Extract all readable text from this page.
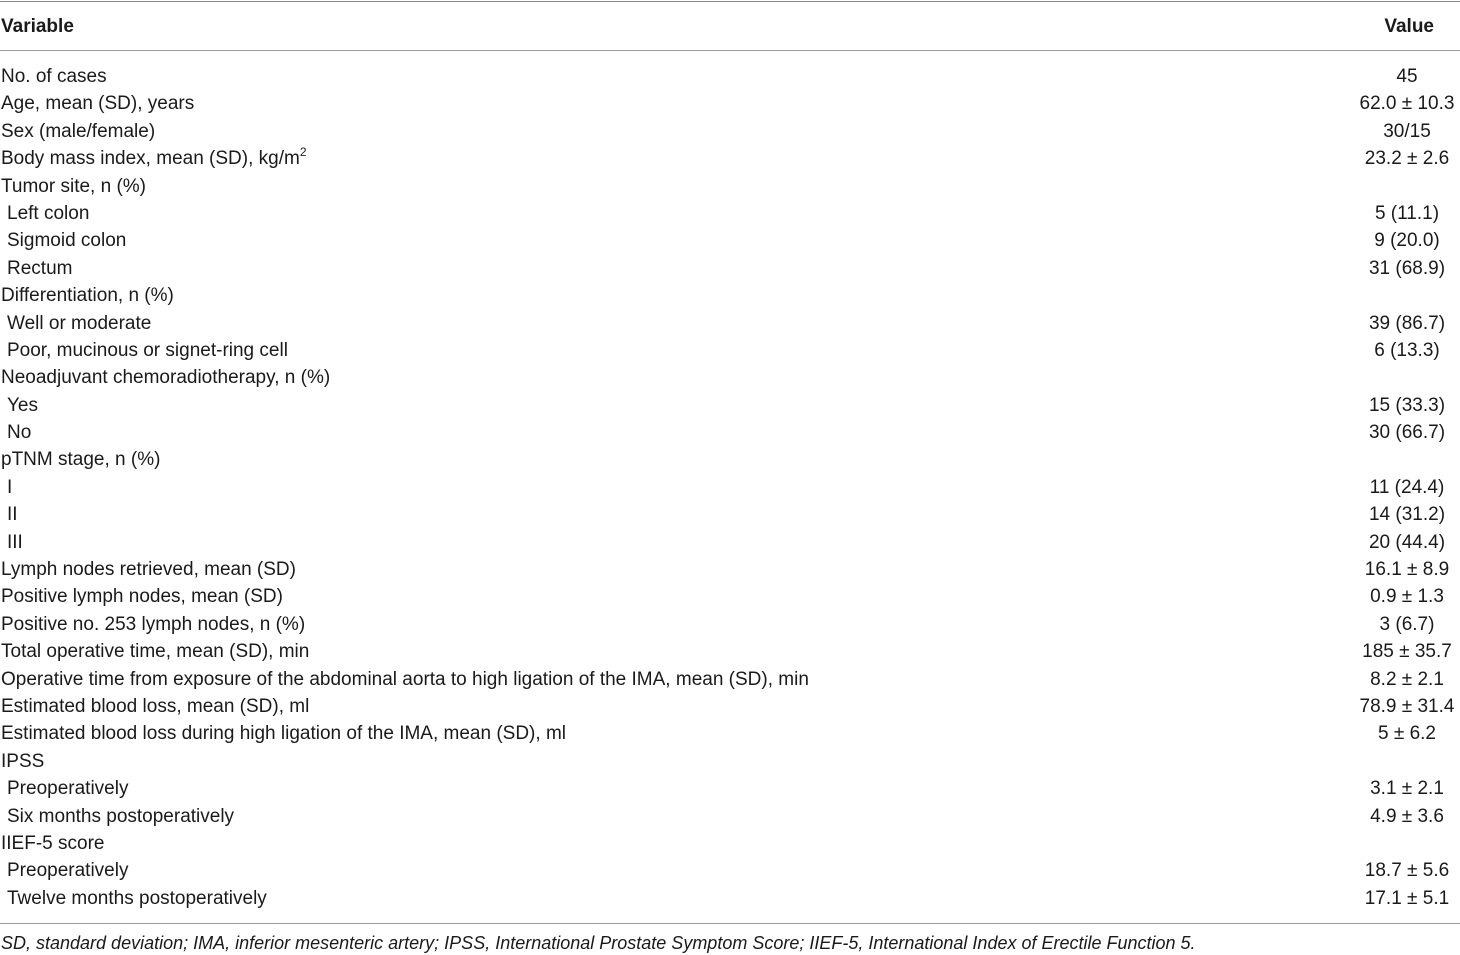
Variable	Value
No. of cases	45
Age, mean (SD), years	62.0 ± 10.3
Sex (male/female)	30/15
Body mass index, mean (SD), $kg/m^2$	23.2 ± 2.6
Tumor site, n (%)
Left colon	5 (11.1)
Sigmoid colon	9 (20.0)
Rectum	31 (68.9)
Differentiation, n (%)
Well or moderate	39 (86.7)
Poor, mucinous or signet-ring cell	6 (13.3)
Neoadjuvant chemoradiotherapy, n (%)
Yes	15 (33.3)
No	30 (66.7)
pTNM stage, n (%)
I	11 (24.4)
II	14 (31.2)
III	20 (44.4)
Lymph nodes retrieved, mean (SD)	16.1 ± 8.9
Positive lymph nodes, mean (SD)	0.9 ± 1.3
Positive no. 253 lymph nodes, n (%)	3 (6.7)
Total operative time, mean (SD), min	185 ± 35.7
Operative time from exposure of the abdominal aorta to high ligation of the IMA, mean (SD), min	8.2 ± 2.1
Estimated blood loss, mean (SD), ml	78.9 ± 31.4
Estimated blood loss during high ligation of the IMA, mean (SD), ml	5 ± 6.2
IPSS
Preoperatively	3.1 ± 2.1
Six months postoperatively	4.9 ± 3.6
IIEF-5 score
Preoperatively	18.7 ± 5.6
Twelve months postoperatively	17.1 ± 5.1
SD, standard deviation; IMA, inferior mesenteric artery; IPSS, International Prostate Symptom Score; IIEF-5, International Index of Erectile Function 5.
